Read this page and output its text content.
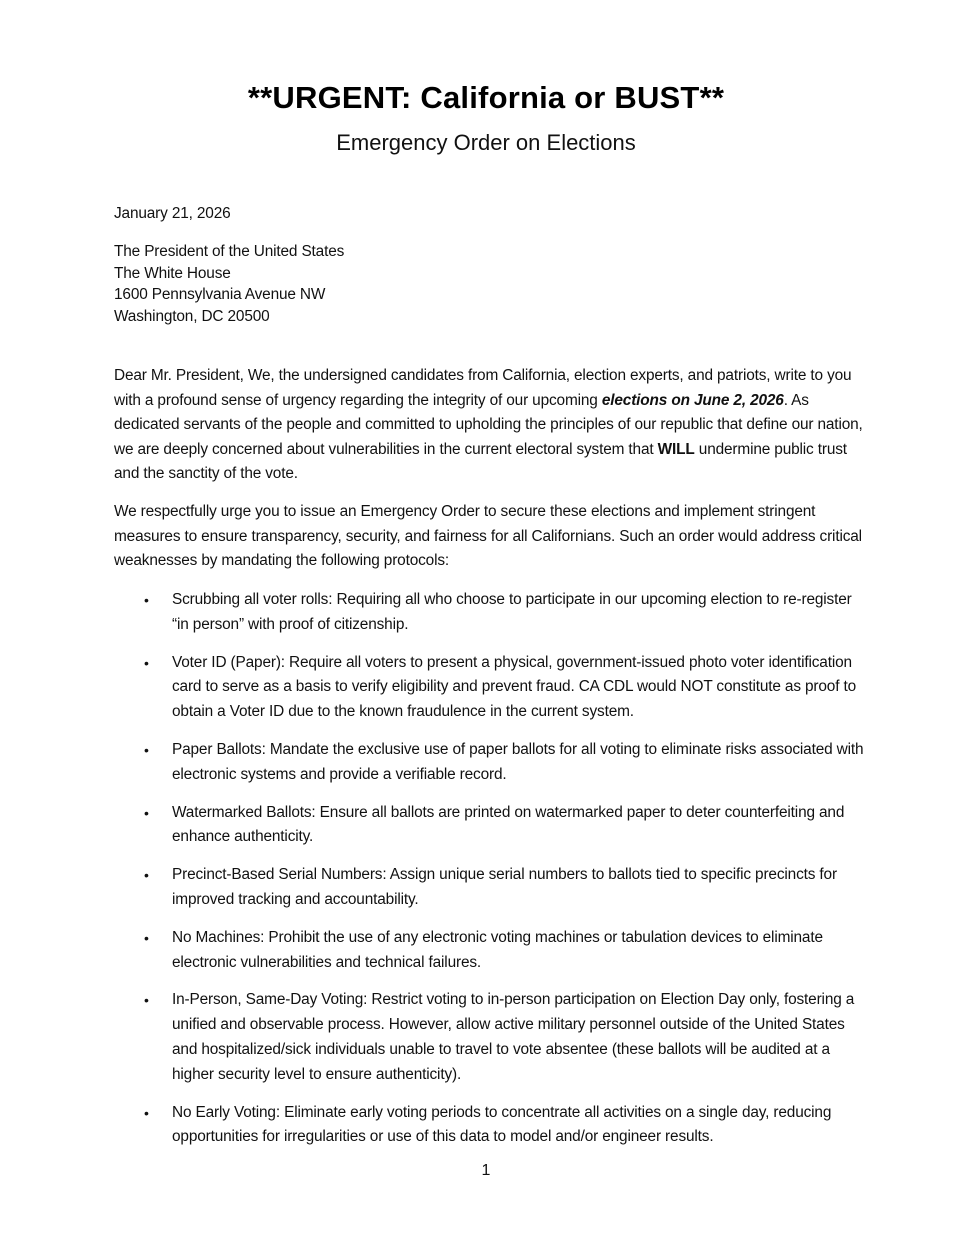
**URGENT: California or BUST**
Emergency Order on Elections
January 21, 2026
The President of the United States
The White House
1600 Pennsylvania Avenue NW
Washington, DC 20500
Dear Mr. President, We, the undersigned candidates from California, election experts, and patriots, write to you with a profound sense of urgency regarding the integrity of our upcoming elections on June 2, 2026. As dedicated servants of the people and committed to upholding the principles of our republic that define our nation, we are deeply concerned about vulnerabilities in the current electoral system that WILL undermine public trust and the sanctity of the vote.
We respectfully urge you to issue an Emergency Order to secure these elections and implement stringent measures to ensure transparency, security, and fairness for all Californians. Such an order would address critical weaknesses by mandating the following protocols:
• Scrubbing all voter rolls: Requiring all who choose to participate in our upcoming election to re-register “in person” with proof of citizenship.
• Voter ID (Paper): Require all voters to present a physical, government-issued photo voter identification card to serve as a basis to verify eligibility and prevent fraud. CA CDL would NOT constitute as proof to obtain a Voter ID due to the known fraudulence in the current system.
• Paper Ballots: Mandate the exclusive use of paper ballots for all voting to eliminate risks associated with electronic systems and provide a verifiable record.
• Watermarked Ballots: Ensure all ballots are printed on watermarked paper to deter counterfeiting and enhance authenticity.
• Precinct-Based Serial Numbers: Assign unique serial numbers to ballots tied to specific precincts for improved tracking and accountability.
• No Machines: Prohibit the use of any electronic voting machines or tabulation devices to eliminate electronic vulnerabilities and technical failures.
• In-Person, Same-Day Voting: Restrict voting to in-person participation on Election Day only, fostering a unified and observable process. However, allow active military personnel outside of the United States and hospitalized/sick individuals unable to travel to vote absentee (these ballots will be audited at a higher security level to ensure authenticity).
• No Early Voting: Eliminate early voting periods to concentrate all activities on a single day, reducing opportunities for irregularities or use of this data to model and/or engineer results.
1
